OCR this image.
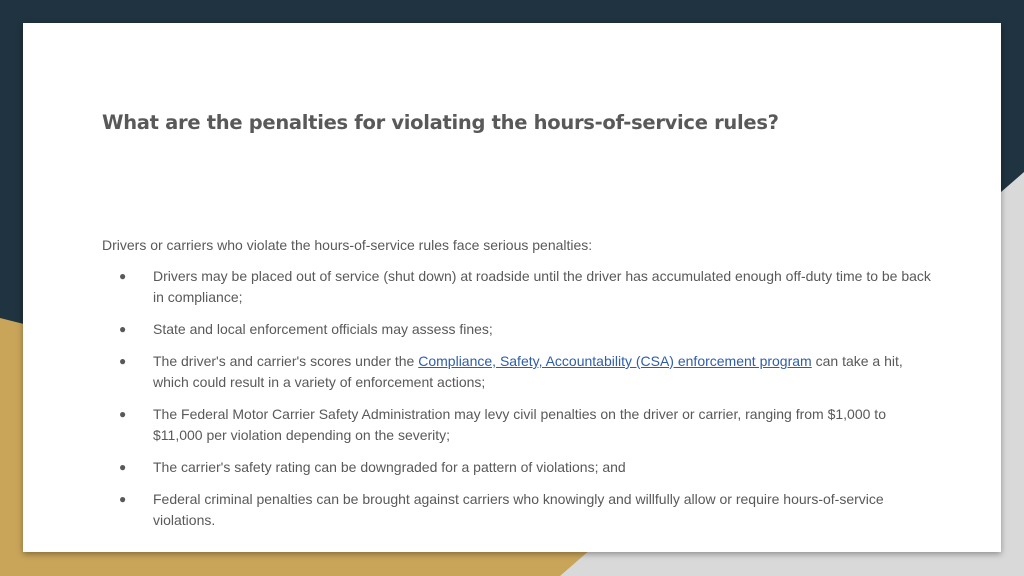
What are the penalties for violating the hours-of-service rules?

Drivers or carriers who violate the hours-of-service rules face serious penalties:

● Drivers may be placed out of service (shut down) at roadside until the driver has accumulated enough off-duty time to be back in compliance;
● State and local enforcement officials may assess fines;
● The driver's and carrier's scores under the Compliance, Safety, Accountability (CSA) enforcement program can take a hit, which could result in a variety of enforcement actions;
● The Federal Motor Carrier Safety Administration may levy civil penalties on the driver or carrier, ranging from $1,000 to $11,000 per violation depending on the severity;
● The carrier's safety rating can be downgraded for a pattern of violations; and
● Federal criminal penalties can be brought against carriers who knowingly and willfully allow or require hours-of-service violations.
